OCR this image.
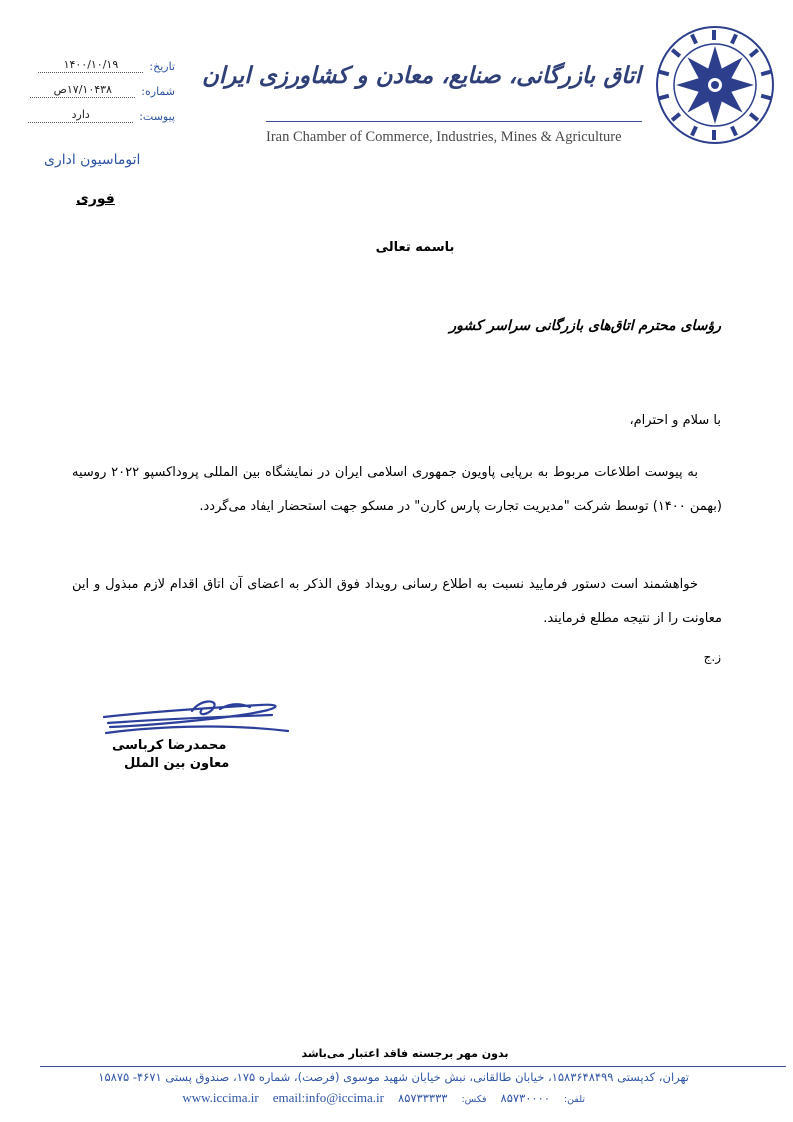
تاریخ:
۱۴۰۰/۱۰/۱۹
شماره:
۱۷/۱۰۴۳۸ص
پیوست:
دارد
اتاق بازرگانی، صنایع، معادن و کشاورزی ایران
Iran Chamber of Commerce, Industries, Mines & Agriculture
اتوماسیون اداری
فوری
باسمه تعالی
رؤسای محترم اتاق‌های بازرگانی سراسر کشور
با سلام و احترام،
به پیوست اطلاعات مربوط به برپایی پاویون جمهوری اسلامی ایران در نمایشگاه بین المللی پروداکسپو ۲۰۲۲ روسیه (بهمن ۱۴۰۰) توسط شرکت "مدیریت تجارت پارس کارن" در مسکو جهت استحضار ایفاد می‌گردد.
خواهشمند است دستور فرمایید نسبت به اطلاع رسانی رویداد فوق الذکر به اعضای آن اتاق اقدام لازم مبذول و این معاونت را از نتیجه مطلع فرمایند.
ز.ج
محمدرضا کرباسی
معاون بین الملل
بدون مهر برجسته فاقد اعتبار می‌باشد
تهران، کدپستی ۱۵۸۳۶۴۸۴۹۹، خیابان طالقانی، نبش خیابان شهید موسوی (فرصت)، شماره ۱۷۵، صندوق پستی ۴۶۷۱- ۱۵۸۷۵
تلفن:
۸۵۷۳۰۰۰۰
فکس:
۸۵۷۳۳۳۳۳
email:info@iccima.ir
www.iccima.ir
